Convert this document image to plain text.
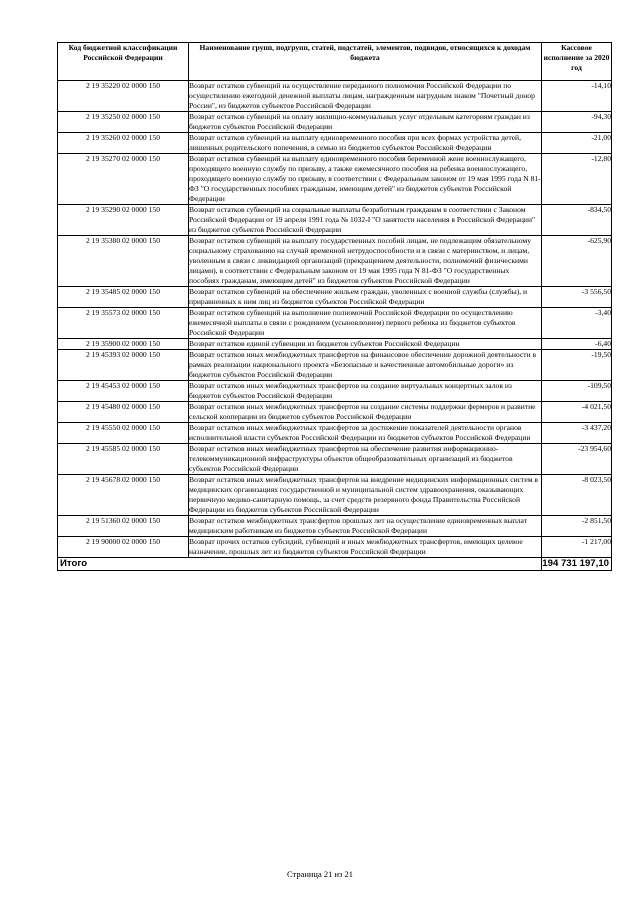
Код бюджетной классификации Российской Федерации	Наименование групп, подгрупп, статей, подстатей, элементов, подвидов, относящихся к доходам бюджета	Кассовое исполнение за 2020 год
2 19 35220 02 0000 150	Возврат остатков субвенций на осуществление переданного полномочия Российской Федерации по осуществлению ежегодной денежной выплаты лицам, награжденным нагрудным знаком "Почетный донор России", из бюджетов субъектов Российской Федерации	-14,10
2 19 35250 02 0000 150	Возврат остатков субвенций на оплату жилищно-коммунальных услуг отдельным категориям граждан из бюджетов субъектов Российской Федерации	-94,30
2 19 35260 02 0000 150	Возврат остатков субвенций на выплату единовременного пособия при всех формах устройства детей, лишенных родительского попечения, в семью из бюджетов субъектов Российской Федерации	-21,00
2 19 35270 02 0000 150	Возврат остатков субвенций на выплату единовременного пособия беременной жене военнослужащего, проходящего военную службу по призыву, а также ежемесячного пособия на ребенка военнослужащего, проходящего военную службу по призыву, в соответствии с Федеральным законом от 19 мая 1995 года N 81-ФЗ "О государственных пособиях гражданам, имеющим детей" из бюджетов субъектов Российской Федерации	-12,80
2 19 35290 02 0000 150	Возврат остатков субвенций на социальные выплаты безработным гражданам в соответствии с Законом Российской Федерации от 19 апреля 1991 года № 1032-I "О занятости населения в Российской Федерации" из бюджетов субъектов Российской Федерации	-834,50
2 19 35380 02 0000 150	Возврат остатков субвенций на выплату государственных пособий лицам, не подлежащим обязательному социальному страхованию на случай временной нетрудоспособности и в связи с материнством, и лицам, уволенным в связи с ликвидацией организаций (прекращением деятельности, полномочий физическими лицами), в соответствии с Федеральным законом от 19 мая 1995 года N 81-ФЗ "О государственных пособиях гражданам, имеющим детей" из бюджетов субъектов Российской Федерации	-625,90
2 19 35485 02 0000 150	Возврат остатков субвенций на обеспечение жильем граждан, уволенных с военной службы (службы), и приравненных к ним лиц из бюджетов субъектов Российской Федерации	-3 556,50
2 19 35573 02 0000 150	Возврат остатков субвенций на выполнение полномочий Российской Федерации по осуществлению ежемесячной выплаты в связи с рождением (усыновлением) первого ребенка из бюджетов субъектов Российской Федерации	-3,40
2 19 35900 02 0000 150	Возврат остатков единой субвенции из бюджетов субъектов Российской Федерации	-6,40
2 19 45393 02 0000 150	Возврат остатков иных межбюджетных трансфертов на финансовое обеспечение дорожной деятельности в рамках реализации национального проекта «Безопасные и качественные автомобильные дороги» из бюджетов субъектов Российской Федерации	-19,50
2 19 45453 02 0000 150	Возврат остатков иных межбюджетных трансфертов на создание виртуальных концертных залов из бюджетов субъектов Российской Федерации	-109,50
2 19 45480 02 0000 150	Возврат остатков иных межбюджетных трансфертов на создание системы поддержки фермеров и развитие сельской кооперации из бюджетов субъектов Российской Федерации	-4 021,50
2 19 45550 02 0000 150	Возврат остатков иных межбюджетных трансфертов за достижение показателей деятельности органов исполнительной власти субъектов Российской Федерации из бюджетов субъектов Российской Федерации	-3 437,20
2 19 45585 02 0000 150	Возврат остатков иных межбюджетных трансфертов на обеспечение развития информационно-телекоммуникационной инфраструктуры объектов общеобразовательных организаций из бюджетов субъектов Российской Федерации	-23 954,60
2 19 45678 02 0000 150	Возврат остатков иных межбюджетных трансфертов на внедрение медицинских информационных систем в медицинских организациях государственной и муниципальной систем здравоохранения, оказывающих первичную медико-санитарную помощь, за счет средств резервного фонда Правительства Российской Федерации из бюджетов субъектов Российской Федерации	-8 023,50
2 19 51360 02 0000 150	Возврат остатков межбюджетных трансфертов прошлых лет на осуществление единовременных выплат медицинским работникам из бюджетов субъектов Российской Федерации	-2 851,50
2 19 90000 02 0000 150	Возврат прочих остатков субсидий, субвенций и иных межбюджетных трансфертов, имеющих целевое назначение, прошлых лет из бюджетов субъектов Российской Федерации	-1 217,00
Итого		194 731 197,10
Страница 21 из 21
